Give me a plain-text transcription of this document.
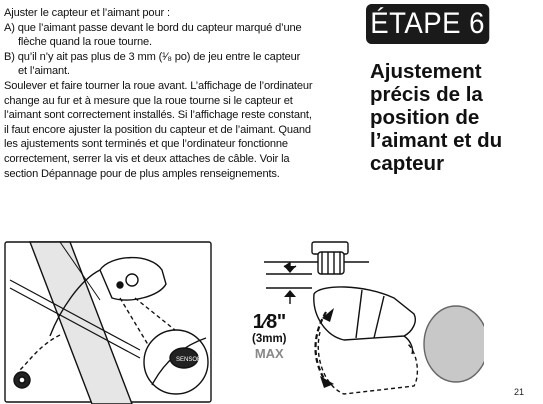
Ajuster le capteur et l’aimant pour :

A) que l’aimant passe devant le bord du capteur marqué d’une

flèche quand la roue tourne.

B) qu’il n’y ait pas plus de 3 mm (¹⁄₈ po) de jeu entre le capteur

et l’aimant.

Soulever et faire tourner la roue avant. L’affichage de l’ordinateur

change au fur et à mesure que la roue tourne si le capteur et

l’aimant sont correctement installés. Si l’affichage reste constant,

il faut encore ajuster la position du capteur et de l’aimant. Quand

les ajustements sont terminés et que l’ordinateur fonctionne

correctement, serrer la vis et deux attaches de câble. Voir la

section Dépannage pour de plus amples renseignements.

ÉTAPE 6
Ajustement
précis de la
position de
l’aimant et du
capteur
SENSOR
1⁄8"
(3mm)
MAX
21
